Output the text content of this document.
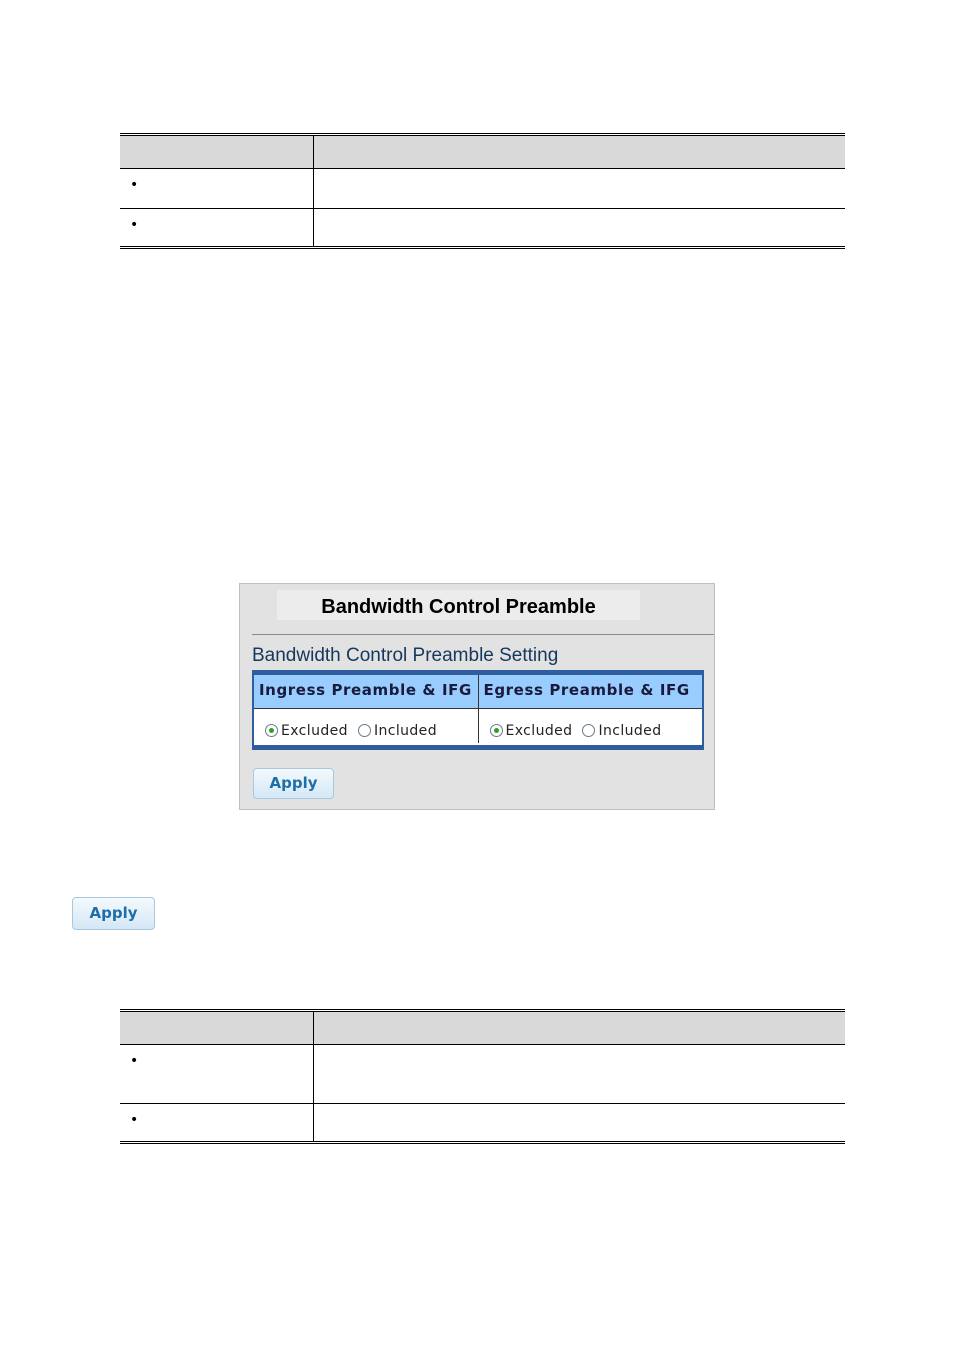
•
•
Bandwidth Control Preamble
Bandwidth Control Preamble Setting
Ingress Preamble & IFG Egress Preamble & IFG
Excluded Included	Excluded Included
Apply
Apply
•
•
